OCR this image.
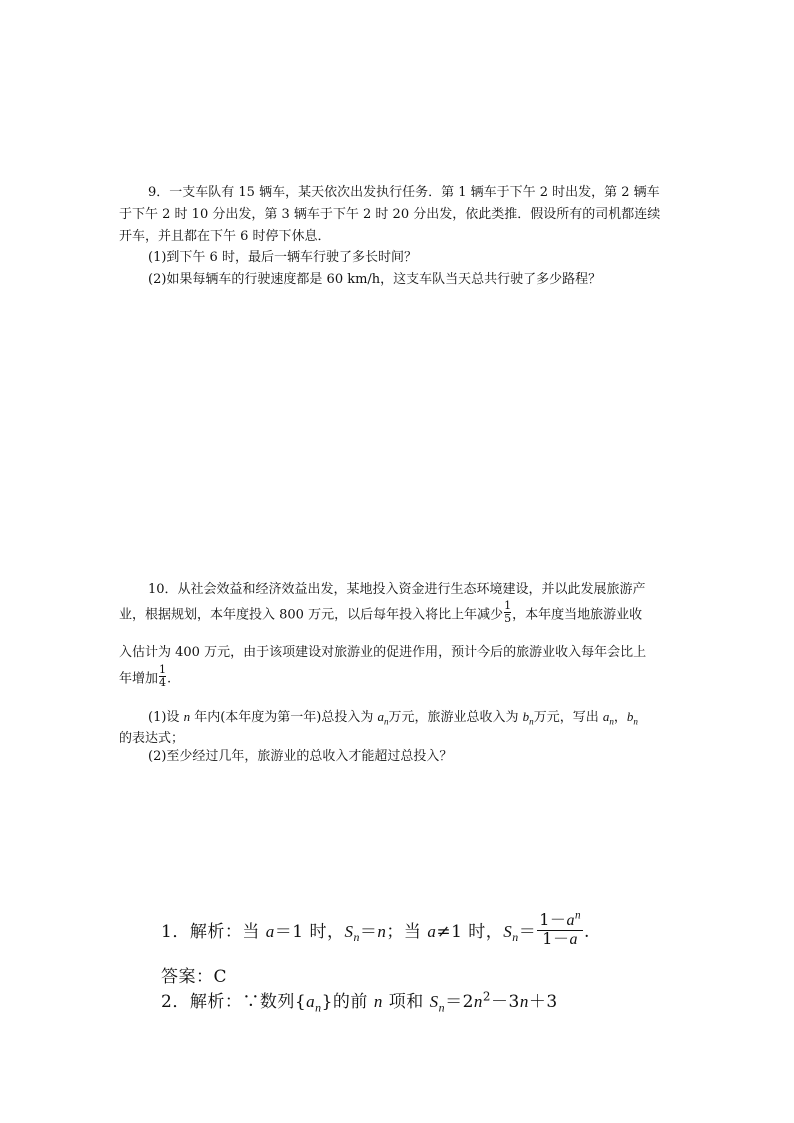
9．一支车队有 15 辆车，某天依次出发执行任务．第 1 辆车于下午 2 时出发，第 2 辆车
于下午 2 时 10 分出发，第 3 辆车于下午 2 时 20 分出发，依此类推．假设所有的司机都连续
开车，并且都在下午 6 时停下休息．
(1)到下午 6 时，最后一辆车行驶了多长时间？
(2)如果每辆车的行驶速度都是 60 km/h，这支车队当天总共行驶了多少路程？
10．从社会效益和经济效益出发，某地投入资金进行生态环境建设，并以此发展旅游产
业，根据规划，本年度投入 800 万元，以后每年投入将比上年减少 $\frac{1}{5}$ ，本年度当地旅游业收
入估计为 400 万元，由于该项建设对旅游业的促进作用，预计今后的旅游业收入每年会比上
年增加 $\frac{1}{4}$ .
(1)设 n 年内(本年度为第一年)总投入为 $a_n$万元，旅游业总收入为 $b_n$万元，写出 $a_n$，$b_n$
的表达式；
(2)至少经过几年，旅游业的总收入才能超过总投入？
1．解析：当 a＝1 时，$S_n=n$；当 a≠1 时，$S_n= \frac{1-a^n}{1-a}$ .
答案：C
2．解析：∵数列$\{a_n\}$的前 n 项和 $S_n=2n^2-3n+3$
